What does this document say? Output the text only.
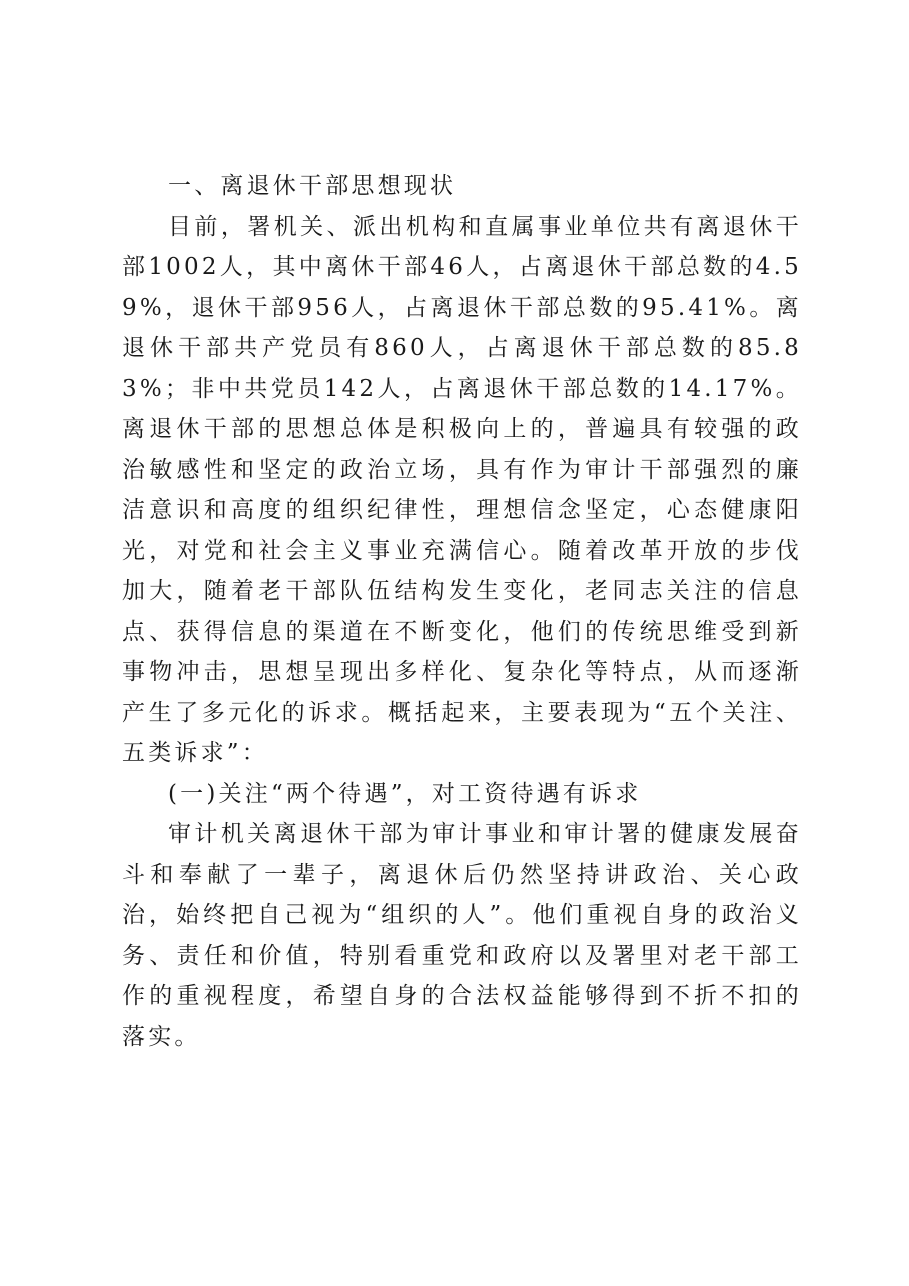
一、离退休干部思想现状

目前，署机关、派出机构和直属事业单位共有离退休干部1002人，其中离休干部46人，占离退休干部总数的4.59%，退休干部956人，占离退休干部总数的95.41%。离退休干部共产党员有860人，占离退休干部总数的85.83%；非中共党员142人，占离退休干部总数的14.17%。离退休干部的思想总体是积极向上的，普遍具有较强的政治敏感性和坚定的政治立场，具有作为审计干部强烈的廉洁意识和高度的组织纪律性，理想信念坚定，心态健康阳光，对党和社会主义事业充满信心。随着改革开放的步伐加大，随着老干部队伍结构发生变化，老同志关注的信息点、获得信息的渠道在不断变化，他们的传统思维受到新事物冲击，思想呈现出多样化、复杂化等特点，从而逐渐产生了多元化的诉求。概括起来，主要表现为“五个关注、五类诉求”：

(一)关注“两个待遇”，对工资待遇有诉求

审计机关离退休干部为审计事业和审计署的健康发展奋斗和奉献了一辈子，离退休后仍然坚持讲政治、关心政治，始终把自己视为“组织的人”。他们重视自身的政治义务、责任和价值，特别看重党和政府以及署里对老干部工作的重视程度，希望自身的合法权益能够得到不折不扣的落实。
